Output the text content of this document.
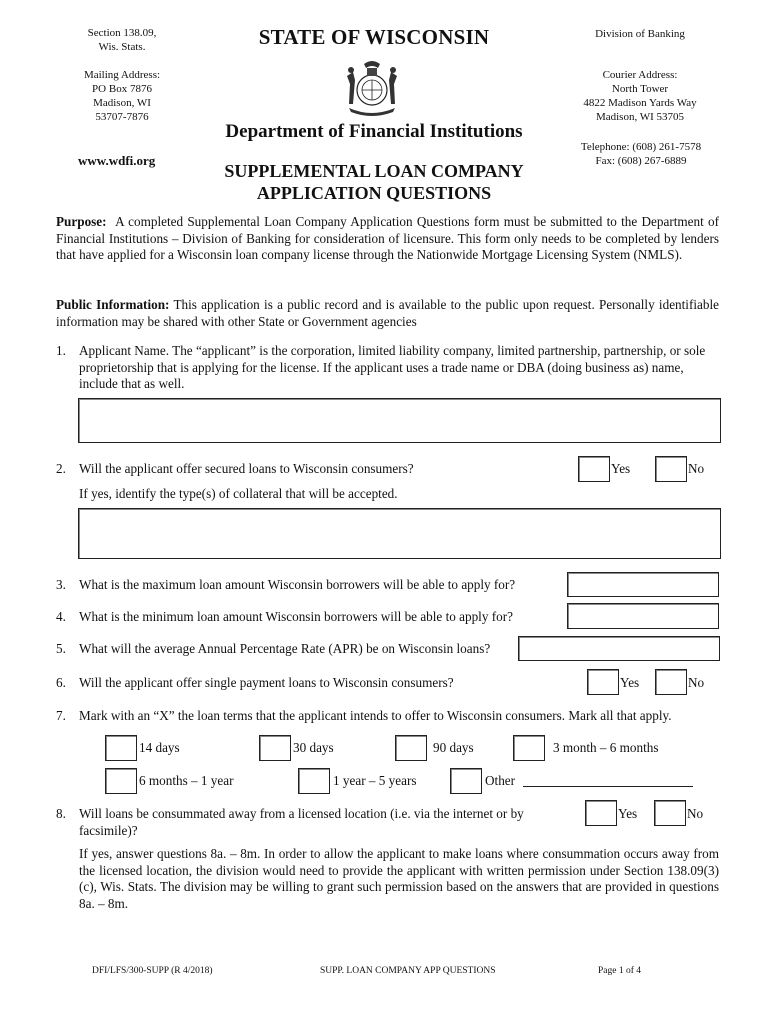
Section 138.09,
Wis. Stats.	STATE OF WISCONSIN	Division of Banking
Mailing Address:
PO Box 7876
Madison, WI
53707-7876
Courier Address:
North Tower
4822 Madison Yards Way
Madison, WI 53705
Department of Financial Institutions
Telephone: (608) 261-7578
Fax: (608) 267-6889
www.wdfi.org
SUPPLEMENTAL LOAN COMPANY
APPLICATION QUESTIONS
Purpose: A completed Supplemental Loan Company Application Questions form must be submitted to the Department of Financial Institutions – Division of Banking for consideration of licensure. This form only needs to be completed by lenders that have applied for a Wisconsin loan company license through the Nationwide Mortgage Licensing System (NMLS).
Public Information: This application is a public record and is available to the public upon request. Personally identifiable information may be shared with other State or Government agencies
1. Applicant Name. The “applicant” is the corporation, limited liability company, limited partnership, partnership, or sole proprietorship that is applying for the license. If the applicant uses a trade name or DBA (doing business as) name, include that as well.
2. Will the applicant offer secured loans to Wisconsin consumers?	Yes	No
If yes, identify the type(s) of collateral that will be accepted.
3. What is the maximum loan amount Wisconsin borrowers will be able to apply for?
4. What is the minimum loan amount Wisconsin borrowers will be able to apply for?
5. What will the average Annual Percentage Rate (APR) be on Wisconsin loans?
6. Will the applicant offer single payment loans to Wisconsin consumers?	Yes	No
7. Mark with an “X” the loan terms that the applicant intends to offer to Wisconsin consumers. Mark all that apply.
14 days	30 days	90 days	3 month – 6 months
6 months – 1 year	1 year – 5 years	Other
8. Will loans be consummated away from a licensed location (i.e. via the internet or by facsimile)?
Yes	No
If yes, answer questions 8a. – 8m. In order to allow the applicant to make loans where consummation occurs away from the licensed location, the division would need to provide the applicant with written permission under Section 138.09(3)(c), Wis. Stats. The division may be willing to grant such permission based on the answers that are provided in questions 8a. – 8m.
DFI/LFS/300-SUPP (R 4/2018)	SUPP. LOAN COMPANY APP QUESTIONS	Page 1 of 4
